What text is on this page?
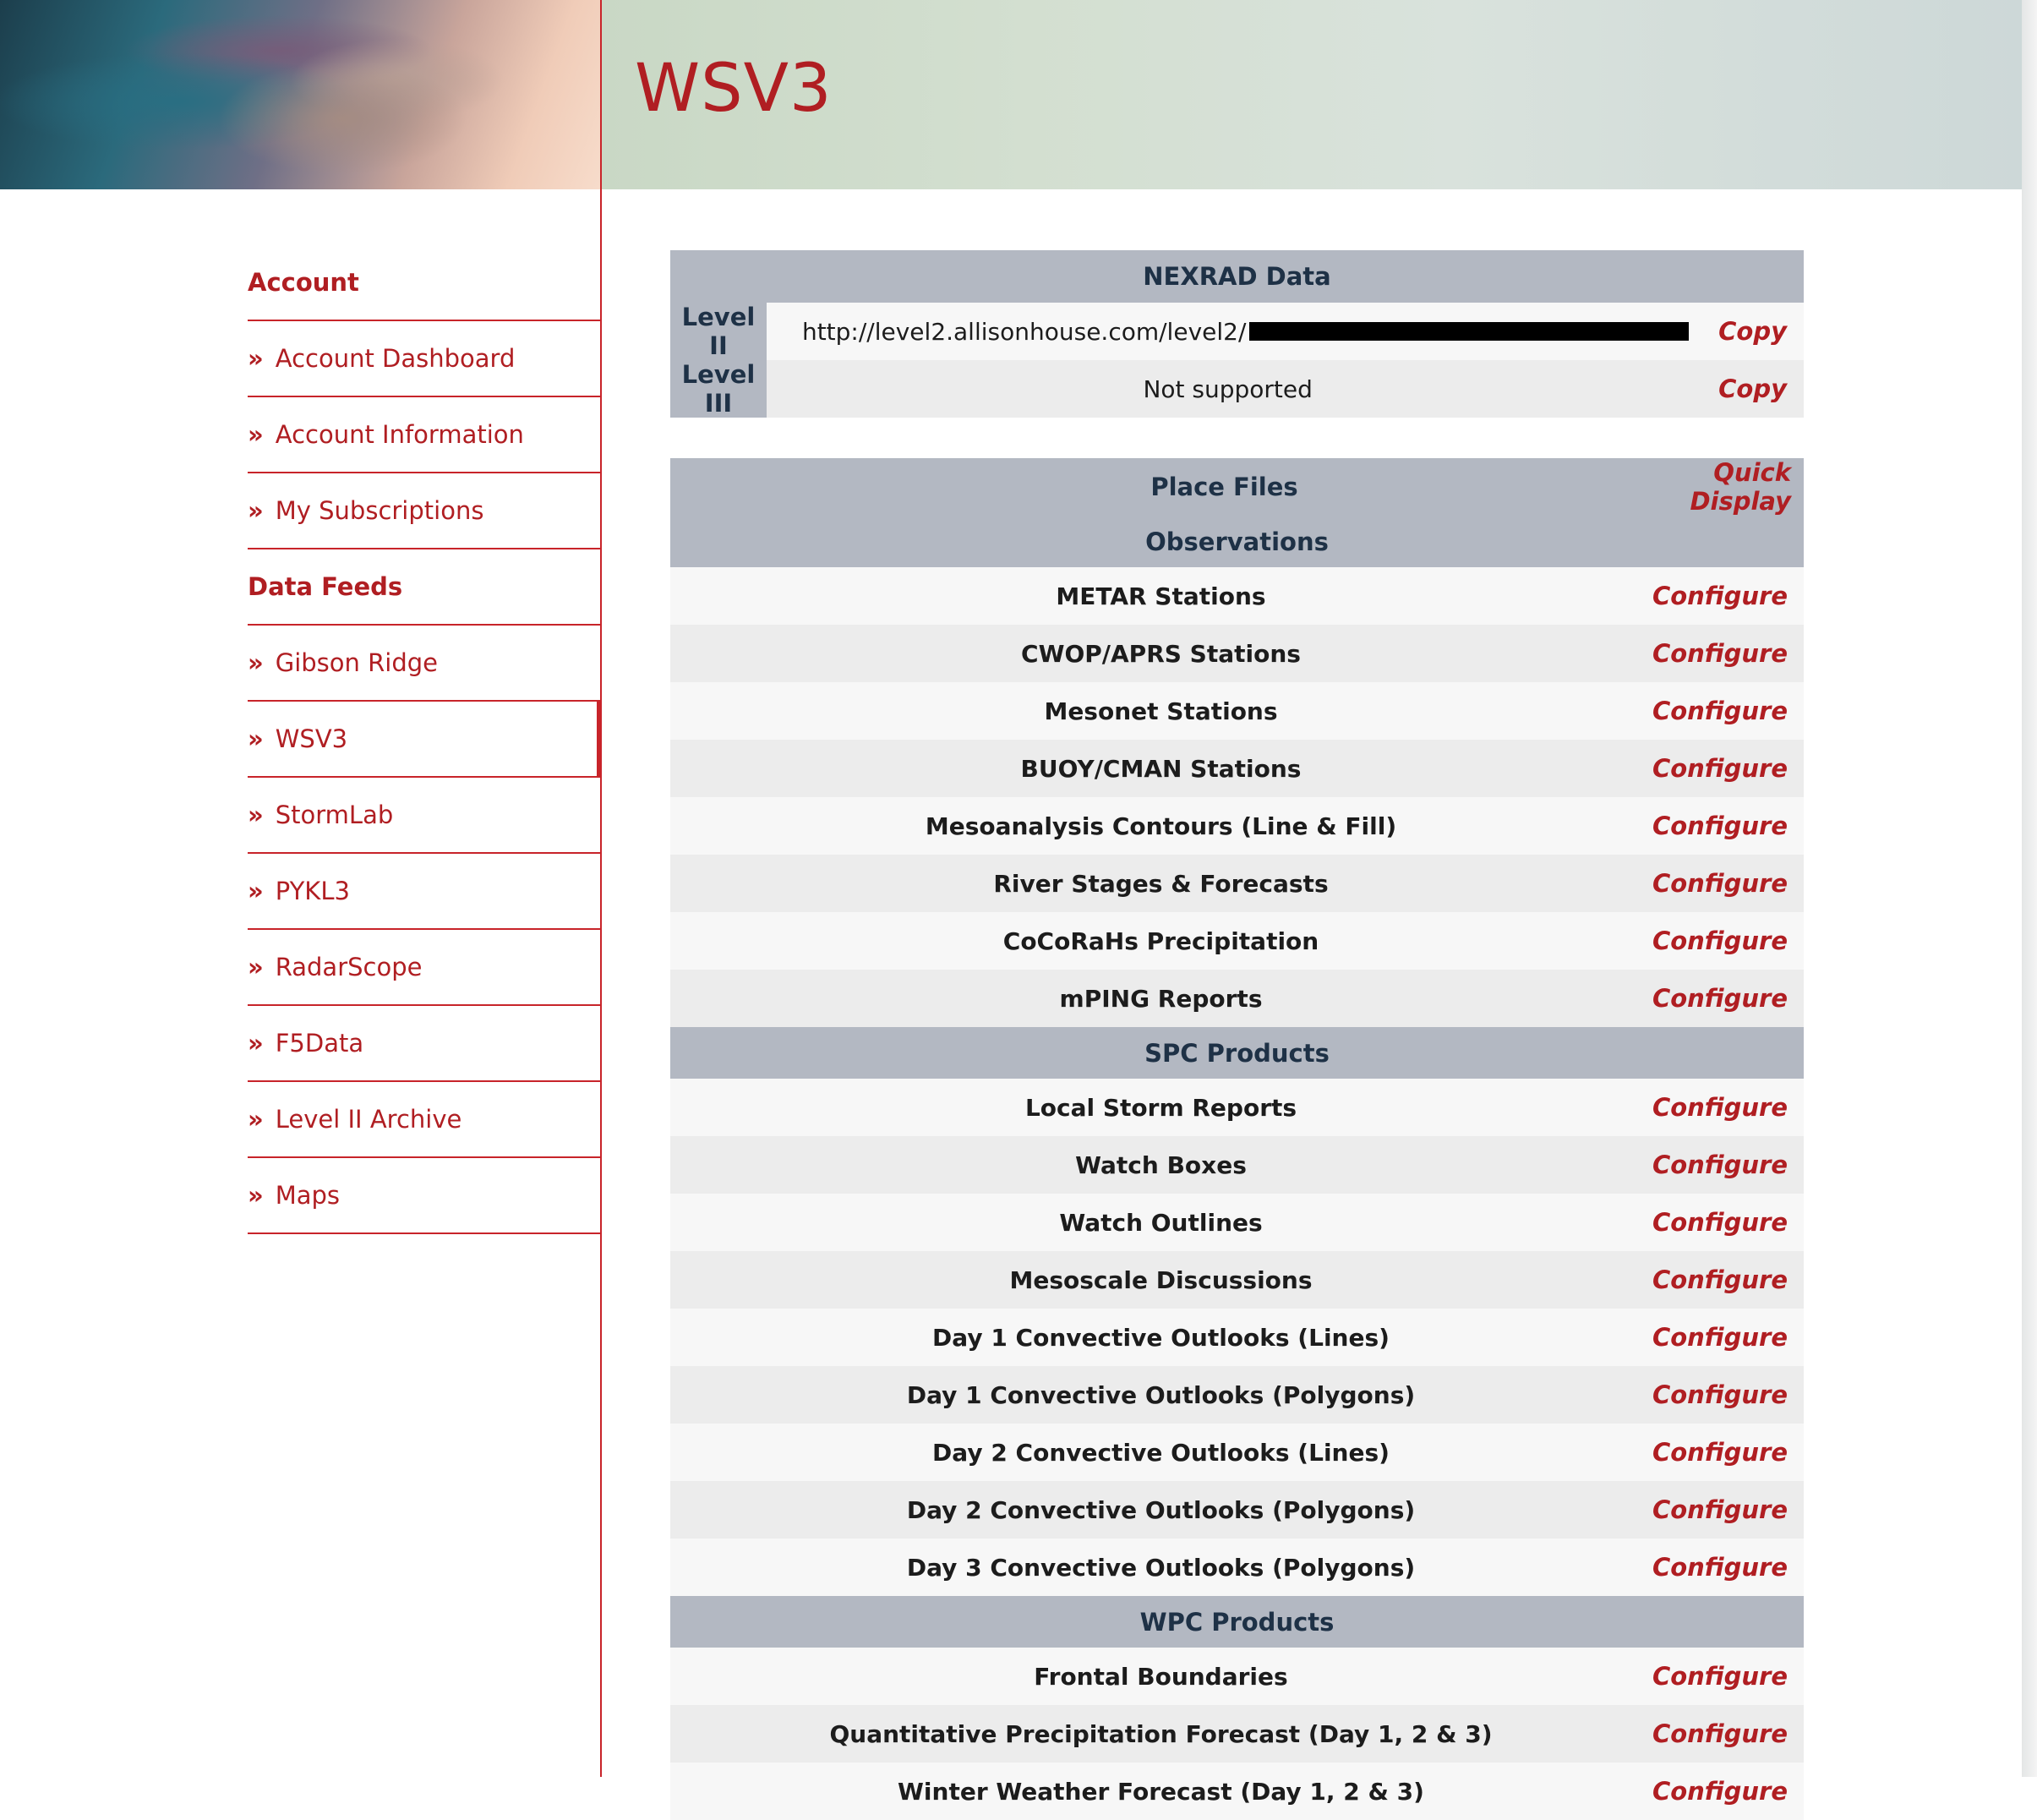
WSV3
Account
» Account Dashboard
» Account Information
» My Subscriptions
Data Feeds
» Gibson Ridge
» WSV3
» StormLab
» PYKL3
» RadarScope
» F5Data
» Level II Archive
» Maps
NEXRAD Data		
Level II	http://level2.allisonhouse.com/level2/	Copy
Level III	Not supported	Copy
Place Files	Quick Display
Observations	
METAR Stations	Configure
CWOP/APRS Stations	Configure
Mesonet Stations	Configure
BUOY/CMAN Stations	Configure
Mesoanalysis Contours (Line & Fill)	Configure
River Stages & Forecasts	Configure
CoCoRaHs Precipitation	Configure
mPING Reports	Configure
SPC Products	
Local Storm Reports	Configure
Watch Boxes	Configure
Watch Outlines	Configure
Mesoscale Discussions	Configure
Day 1 Convective Outlooks (Lines)	Configure
Day 1 Convective Outlooks (Polygons)	Configure
Day 2 Convective Outlooks (Lines)	Configure
Day 2 Convective Outlooks (Polygons)	Configure
Day 3 Convective Outlooks (Polygons)	Configure
WPC Products	
Frontal Boundaries	Configure
Quantitative Precipitation Forecast (Day 1, 2 & 3)	Configure
Winter Weather Forecast (Day 1, 2 & 3)	Configure
